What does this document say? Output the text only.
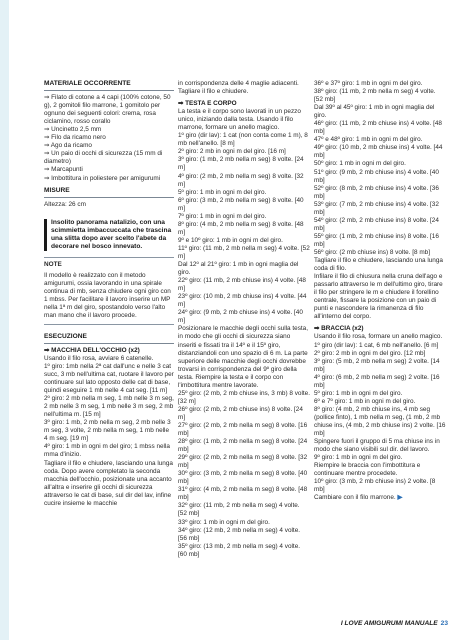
MATERIALE OCCORRENTE
⇒ Filato di cotone a 4 capi (100% cotone, 50 g), 2 gomitoli filo marrone, 1 gomitolo per ognuno dei seguenti colori: crema, rosa ciclamino, rosso corallo
⇒ Uncinetto 2,5 mm
⇒ Filo da ricamo nero
⇒ Ago da ricamo
⇒ Un paio di occhi di sicurezza (15 mm di diametro)
⇒ Marcapunti
⇒ Imbottitura in poliestere per amigurumi
MISURE
Altezza: 26 cm
Insolito panorama natalizio, con una scimmietta imbaccuccata che trascina una slitta dopo aver scelto l'abete da decorare nel bosco innevato.
NOTE
Il modello è realizzato con il metodo amigurumi, ossia lavorando in una spirale continua di mb, senza chiudere ogni giro con 1 mbss. Per facilitare il lavoro inserire un MP nella 1ª m del giro, spostandolo verso l'alto man mano che il lavoro procede.
ESECUZIONE
➡ MACCHIA DELL'OCCHIO (x2)
Usando il filo rosa, avviare 6 catenelle.
1º giro: 1mb nella 2ª cat dall'unc e nelle 3 cat succ, 3 mb nell'ultima cat, ruotare il lavoro per continuare sul lato opposto delle cat di base, quindi eseguire 1 mb nelle 4 cat seg. [11 m]
2º giro: 2 mb nella m seg, 1 mb nelle 3 m seg, 2 mb nelle 3 m seg, 1 mb nelle 3 m seg, 2 mb nell'ultima m. [15 m]
3º giro: 1 mb, 2 mb nella m seg, 2 mb nelle 3 m seg, 3 volte, 2 mb nella m seg, 1 mb nelle 4 m seg. [19 m]
4º giro: 1 mb in ogni m del giro; 1 mbss nella mma d'inizio.
Tagliare il filo e chiudere, lasciando una lunga coda. Dopo avere completato la seconda macchia dell'occhio, posizionate una accanto all'altra e inserire gli occhi di sicurezza attraverso le cat di base, sul dir del lav, infine cucire insieme le macchie
in corrispondenza delle 4 maglie adiacenti. Tagliare il filo e chiudere.
➡ TESTA E CORPO
La testa e il corpo sono lavorati in un pezzo unico, iniziando dalla testa. Usando il filo marrone, formare un anello magico.
1º giro (dir lav): 1 cat (non conta come 1 m), 8 mb nell'anello. [8 m]
2º giro: 2 mb in ogni m del giro. [16 m]
3º giro: (1 mb, 2 mb nella m seg) 8 volte. [24 m]
4º giro: (2 mb, 2 mb nella m seg) 8 volte. [32 m]
5º giro: 1 mb in ogni m del giro.
6º giro: (3 mb, 2 mb nella m seg) 8 volte. [40 m]
7º giro: 1 mb in ogni m del giro.
8º giro: (4 mb, 2 mb nella m seg) 8 volte. [48 m]
9º e 10º giro: 1 mb in ogni m del giro.
11º giro: (11 mb, 2 mb nella m seg) 4 volte. [52 m]
Dal 12º al 21º giro: 1 mb in ogni maglia del giro.
22º giro: (11 mb, 2 mb chiuse ins) 4 volte. [48 m]
23º giro: (10 mb, 2 mb chiuse ins) 4 volte. [44 m]
24º giro: (9 mb, 2 mb chiuse ins) 4 volte. [40 m]
Posizionare le macchie degli occhi sulla testa, in modo che gli occhi di sicurezza siano inseriti e fissati tra il 14º e il 15º giro, distanziandoli con uno spazio di 6 m. La parte superiore delle macchie degli occhi dovrebbe trovarsi in corrispondenza del 9º giro della testa. Riempire la testa e il corpo con l'imbottitura mentre lavorate.
25º giro: (2 mb, 2 mb chiuse ins, 3 mb) 8 volte. [32 m]
26º giro: (2 mb, 2 mb chiuse ins) 8 volte. [24 m]
27º giro: (2 mb, 2 mb nella m seg) 8 volte. [16 mb]
28º giro: (1 mb, 2 mb nella m seg) 8 volte. [24 mb]
29º giro: (2 mb, 2 mb nella m seg) 8 volte. [32 mb]
30º giro: (3 mb, 2 mb nella m seg) 8 volte. [40 mb]
31º giro: (4 mb, 2 mb nella m seg) 8 volte. [48 mb]
32º giro: (11 mb, 2 mb nella m seg) 4 volte. [52 mb]
33º giro: 1 mb in ogni m del giro.
34º giro: (12 mb, 2 mb nella m seg) 4 volte. [56 mb]
35º giro: (13 mb, 2 mb nella m seg) 4 volte. [60 mb]
36º e 37º giro: 1 mb in ogni m del giro.
38º giro: (11 mb, 2 mb nella m seg) 4 volte. [52 mb]
Dal 39º al 45º giro: 1 mb in ogni maglia del giro.
46º giro: (11 mb, 2 mb chiuse ins) 4 volte. [48 mb]
47º e 48º giro: 1 mb in ogni m del giro.
49º giro: (10 mb, 2 mb chiuse ins) 4 volte. [44 mb]
50º giro: 1 mb in ogni m del giro.
51º giro: (9 mb, 2 mb chiuse ins) 4 volte. [40 mb]
52º giro: (8 mb, 2 mb chiuse ins) 4 volte. [36 mb]
53º giro: (7 mb, 2 mb chiuse ins) 4 volte. [32 mb]
54º giro: (2 mb, 2 mb chiuse ins) 8 volte. [24 mb]
55º giro: (1 mb, 2 mb chiuse ins) 8 volte. [16 mb]
56º giro: (2 mb chiuse ins) 8 volte. [8 mb]
Tagliare il filo e chiudere, lasciando una lunga coda di filo.
Infilare il filo di chiusura nella cruna dell'ago e passarlo attraverso le m dell'ultimo giro, tirare il filo per stringere le m e chiudere il forellino centrale, fissare la posizione con un paio di punti e nascondere la rimanenza di filo all'interno del corpo.
➡ BRACCIA (x2)
Usando il filo rosa, formare un anello magico.
1º giro (dir lav): 1 cat, 6 mb nell'anello. [6 m]
2º giro: 2 mb in ogni m del giro. [12 mb]
3º giro: (5 mb, 2 mb nella m seg) 2 volte. [14 mb]
4º giro: (6 mb, 2 mb nella m seg) 2 volte. [16 mb]
5º giro: 1 mb in ogni m del giro.
6º e 7º giro: 1 mb in ogni m del giro.
8º giro: (4 mb, 2 mb chiuse ins, 4 mb seg (pollice finto), 1 mb nella m seg, (1 mb, 2 mb chiuse ins, (4 mb, 2 mb chiuse ins) 2 volte. [16 mb]
Spingere fuori il gruppo di 5 ma chiuse ins in modo che siano visibili sul dir. del lavoro.
9º giro: 1 mb in ogni m del giro.
Riempire le braccia con l'imbottitura e continuare mentre procedete.
10º giro: (3 mb, 2 mb chiuse ins) 2 volte. [8 mb]
Cambiare con il filo marrone. ▶
I LOVE AMIGURUMI MANUALE 23
